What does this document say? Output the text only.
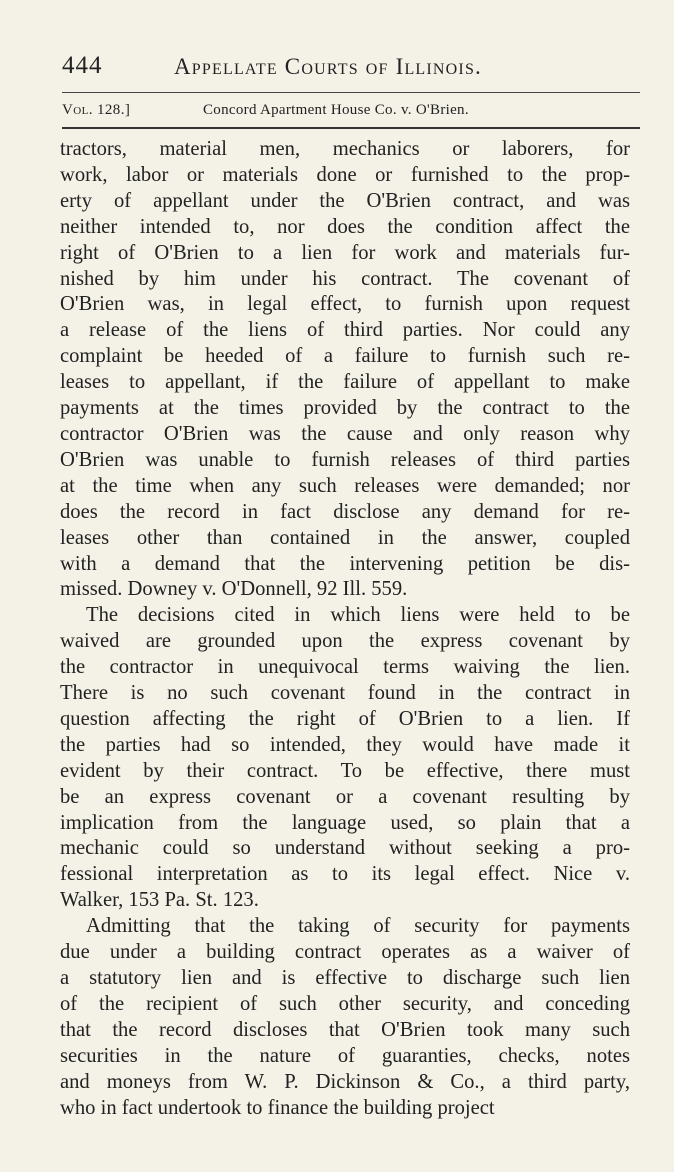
444	Appellate Courts of Illinois.
Vol. 128.]	Concord Apartment House Co. v. O'Brien.
tractors, material men, mechanics or laborers, for
work, labor or materials done or furnished to the prop-
erty of appellant under the O'Brien contract, and was
neither intended to, nor does the condition affect the
right of O'Brien to a lien for work and materials fur-
nished by him under his contract. The covenant of
O'Brien was, in legal effect, to furnish upon request
a release of the liens of third parties. Nor could any
complaint be heeded of a failure to furnish such re-
leases to appellant, if the failure of appellant to make
payments at the times provided by the contract to the
contractor O'Brien was the cause and only reason why
O'Brien was unable to furnish releases of third parties
at the time when any such releases were demanded; nor
does the record in fact disclose any demand for re-
leases other than contained in the answer, coupled
with a demand that the intervening petition be dis-
missed. Downey v. O'Donnell, 92 Ill. 559.
The decisions cited in which liens were held to be
waived are grounded upon the express covenant by
the contractor in unequivocal terms waiving the lien.
There is no such covenant found in the contract in
question affecting the right of O'Brien to a lien. If
the parties had so intended, they would have made it
evident by their contract. To be effective, there must
be an express covenant or a covenant resulting by
implication from the language used, so plain that a
mechanic could so understand without seeking a pro-
fessional interpretation as to its legal effect. Nice v.
Walker, 153 Pa. St. 123.
Admitting that the taking of security for payments
due under a building contract operates as a waiver of
a statutory lien and is effective to discharge such lien
of the recipient of such other security, and conceding
that the record discloses that O'Brien took many such
securities in the nature of guaranties, checks, notes
and moneys from W. P. Dickinson & Co., a third party,
who in fact undertook to finance the building project
